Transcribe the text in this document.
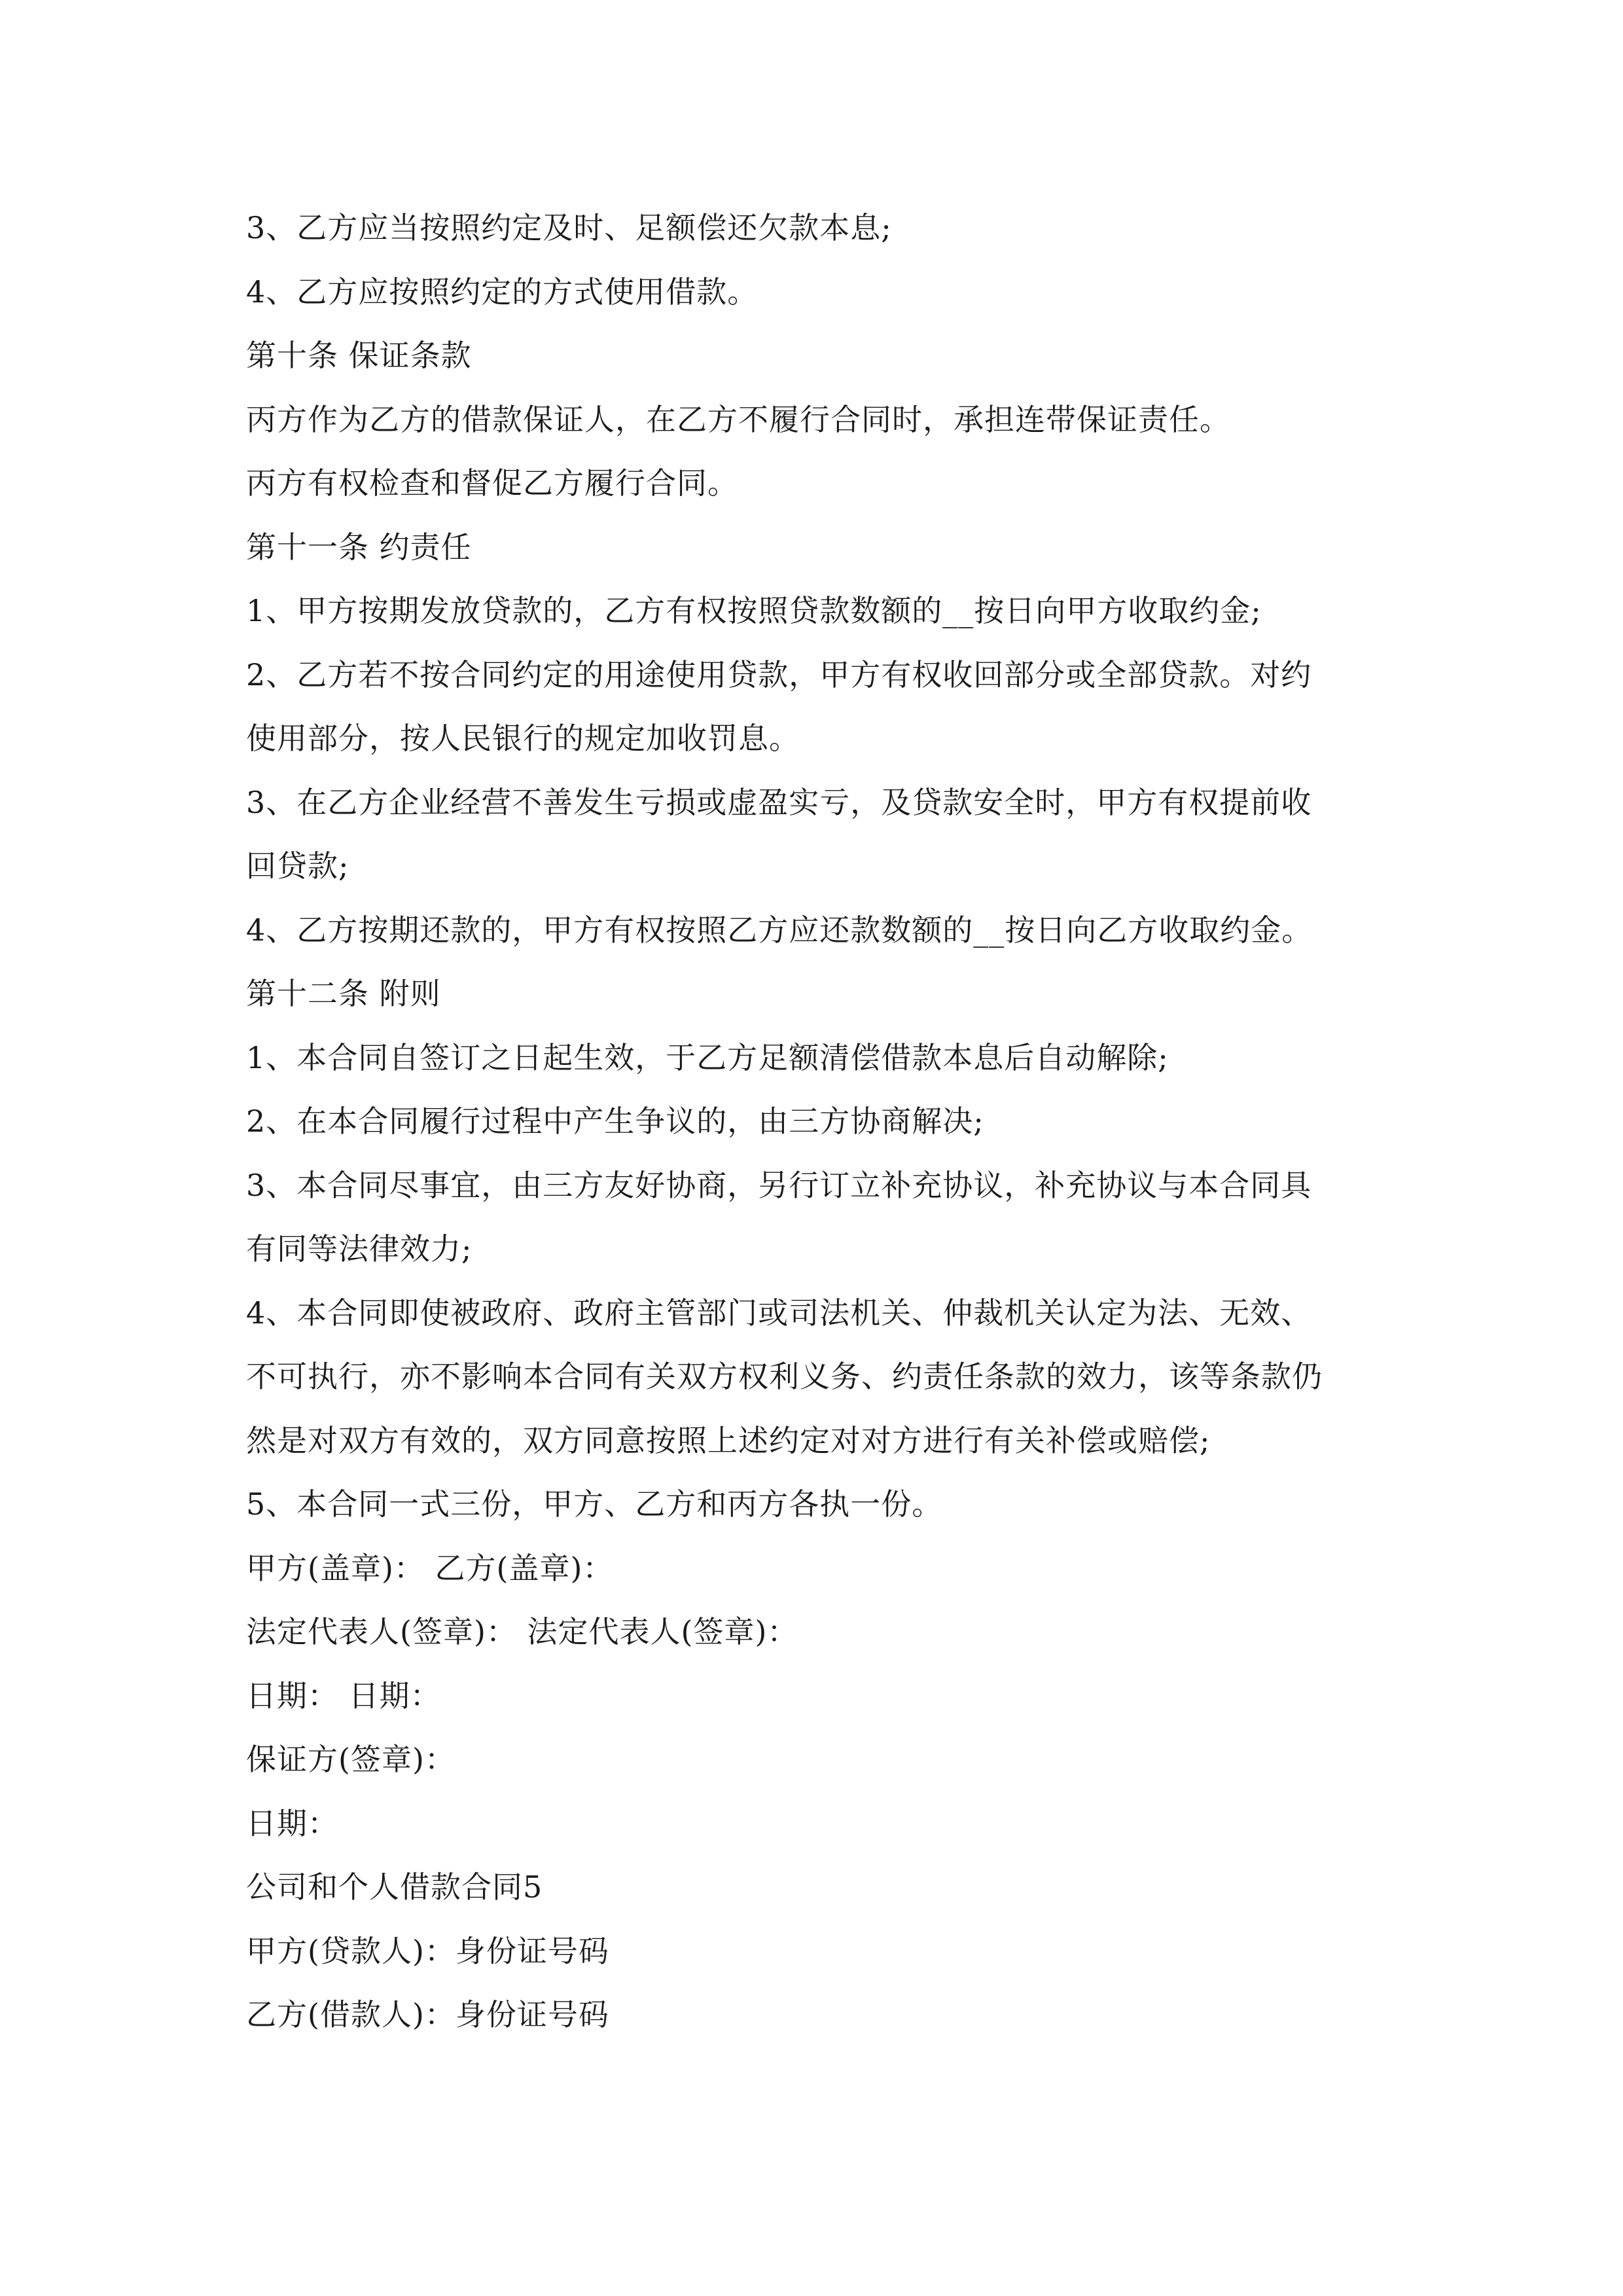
3、乙方应当按照约定及时、足额偿还欠款本息;
4、乙方应按照约定的方式使用借款。
第十条 保证条款
丙方作为乙方的借款保证人，在乙方不履行合同时，承担连带保证责任。
丙方有权检查和督促乙方履行合同。
第十一条 约责任
1、甲方按期发放贷款的，乙方有权按照贷款数额的__按日向甲方收取约金;
2、乙方若不按合同约定的用途使用贷款，甲方有权收回部分或全部贷款。对约
使用部分，按人民银行的规定加收罚息。
3、在乙方企业经营不善发生亏损或虚盈实亏，及贷款安全时，甲方有权提前收
回贷款;
4、乙方按期还款的，甲方有权按照乙方应还款数额的__按日向乙方收取约金。
第十二条 附则
1、本合同自签订之日起生效，于乙方足额清偿借款本息后自动解除;
2、在本合同履行过程中产生争议的，由三方协商解决;
3、本合同尽事宜，由三方友好协商，另行订立补充协议，补充协议与本合同具
有同等法律效力;
4、本合同即使被政府、政府主管部门或司法机关、仲裁机关认定为法、无效、
不可执行，亦不影响本合同有关双方权利义务、约责任条款的效力，该等条款仍
然是对双方有效的，双方同意按照上述约定对对方进行有关补偿或赔偿;
5、本合同一式三份，甲方、乙方和丙方各执一份。
甲方(盖章)： 乙方(盖章)：
法定代表人(签章)： 法定代表人(签章)：
日期： 日期：
保证方(签章)：
日期：
公司和个人借款合同5
甲方(贷款人)：身份证号码
乙方(借款人)：身份证号码
